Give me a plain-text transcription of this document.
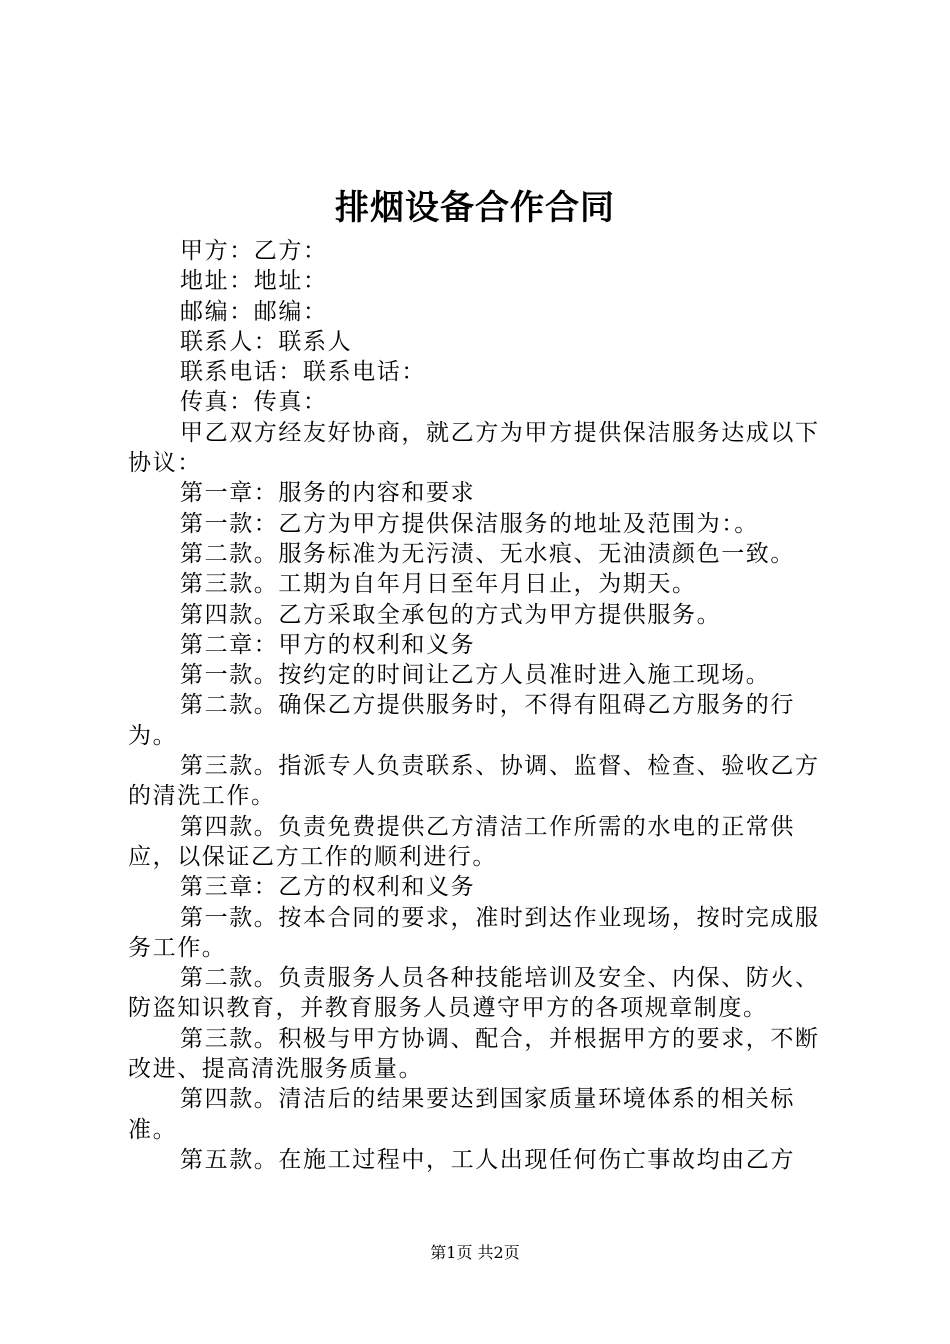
排烟设备合作合同

甲方：乙方：

地址：地址：

邮编：邮编：

联系人：联系人

联系电话：联系电话：

传真：传真：

甲乙双方经友好协商，就乙方为甲方提供保洁服务达成以下协议：

第一章：服务的内容和要求

第一款：乙方为甲方提供保洁服务的地址及范围为：。

第二款。服务标准为无污渍、无水痕、无油渍颜色一致。

第三款。工期为自年月日至年月日止，为期天。

第四款。乙方采取全承包的方式为甲方提供服务。

第二章：甲方的权利和义务

第一款。按约定的时间让乙方人员准时进入施工现场。

第二款。确保乙方提供服务时，不得有阻碍乙方服务的行为。

第三款。指派专人负责联系、协调、监督、检查、验收乙方的清洗工作。

第四款。负责免费提供乙方清洁工作所需的水电的正常供应，以保证乙方工作的顺利进行。

第三章：乙方的权利和义务

第一款。按本合同的要求，准时到达作业现场，按时完成服务工作。

第二款。负责服务人员各种技能培训及安全、内保、防火、防盗知识教育，并教育服务人员遵守甲方的各项规章制度。

第三款。积极与甲方协调、配合，并根据甲方的要求，不断改进、提高清洗服务质量。

第四款。清洁后的结果要达到国家质量环境体系的相关标准。

第五款。在施工过程中，工人出现任何伤亡事故均由乙方

第1页 共2页
